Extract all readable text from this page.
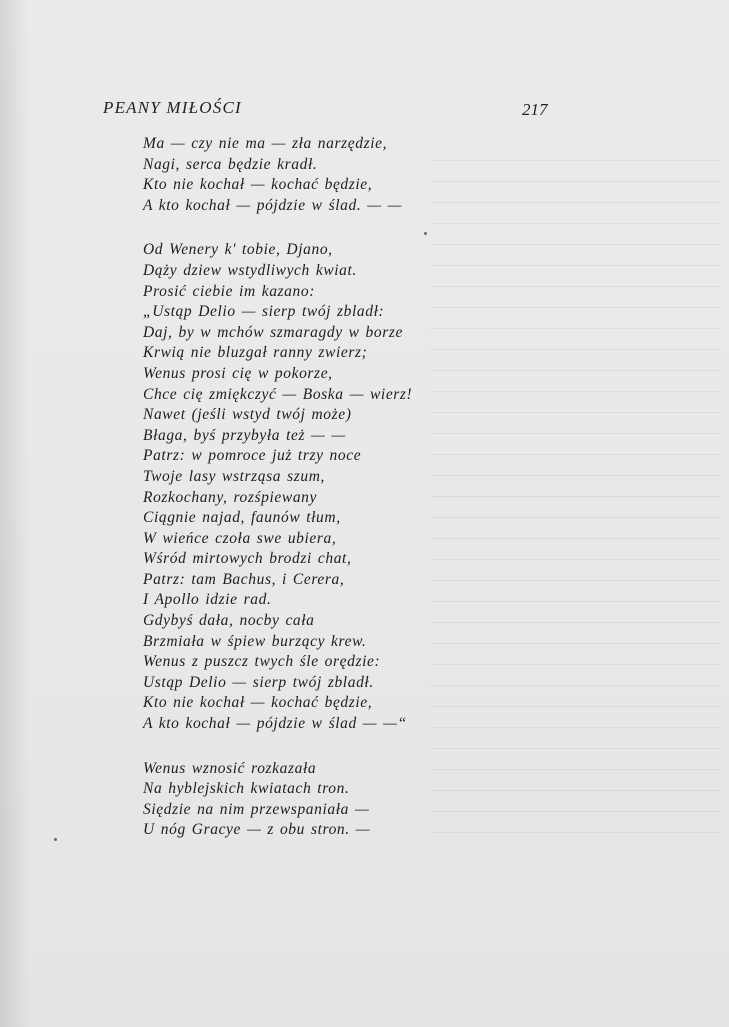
PEANY MIŁOŚCI	217
Ma — czy nie ma — zła narzędzie,
Nagi, serca będzie kradł.
Kto nie kochał — kochać będzie,
A kto kochał — pójdzie w ślad. — —
Od Wenery k' tobie, Djano,
Dąży dziew wstydliwych kwiat.
Prosić ciebie im kazano:
„Ustąp Delio — sierp twój zbladł:
Daj, by w mchów szmaragdy w borze
Krwią nie bluzgał ranny zwierz;
Wenus prosi cię w pokorze,
Chce cię zmiękczyć — Boska — wierz!
Nawet (jeśli wstyd twój może)
Błaga, byś przybyła też — —
Patrz: w pomroce już trzy noce
Twoje lasy wstrząsa szum,
Rozkochany, rozśpiewany
Ciągnie najad, faunów tłum,
W wieńce czoła swe ubiera,
Wśród mirtowych brodzi chat,
Patrz: tam Bachus, i Cerera,
I Apollo idzie rad.
Gdybyś dała, nocby cała
Brzmiała w śpiew burzący krew.
Wenus z puszcz twych śle orędzie:
Ustąp Delio — sierp twój zbladł.
Kto nie kochał — kochać będzie,
A kto kochał — pójdzie w ślad — —“
Wenus wznosić rozkazała
Na hyblejskich kwiatach tron.
Siędzie na nim przewspaniała —
U nóg Gracye — z obu stron. —
